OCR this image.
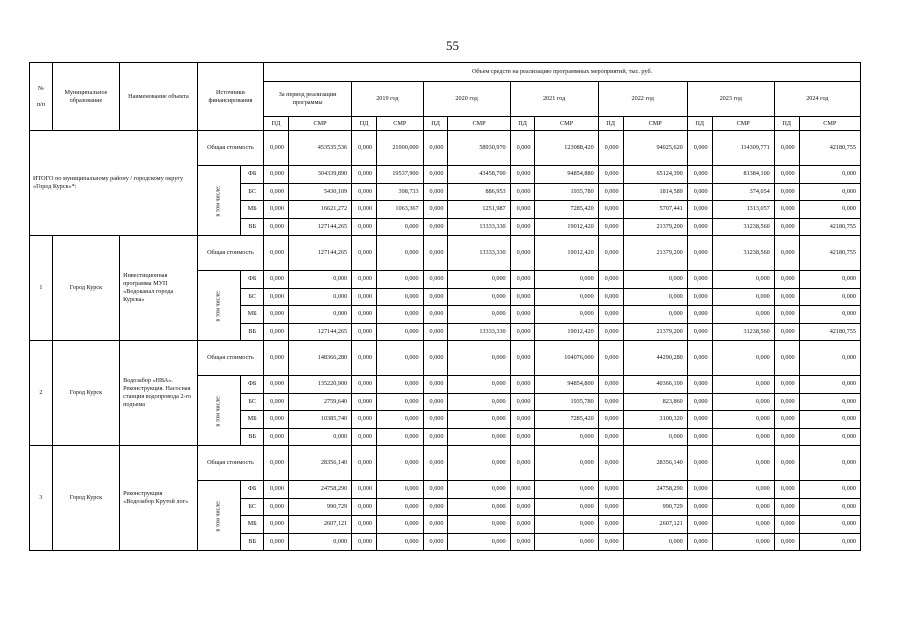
55
№

п/п	Муниципальное образование	Наименование объекта	Источники финансирования		Объем средств на реализацию программных мероприятий, тыс. руб.													
					За период реализации программы		2019 год		2020 год		2021 год		2022 год		2023 год		2024 год	
					ПД	СМР	ПД	СМР	ПД	СМР	ПД	СМР	ПД	СМР	ПД	СМР	ПД	СМР
ИТОГО по муниципальному району / городскому округу «Город Курск»*:			Общая стоимость		0,000	453535,536	0,000	21000,000	0,000	58930,970	0,000	123088,420	0,000	94025,620	0,000	114309,771	0,000	42180,755
			в том числе:	ФБ	0,000	304339,890	0,000	19537,900	0,000	43458,700	0,000	94854,880	0,000	65124,390	0,000	81384,100	0,000	0,000
				БС	0,000	5430,109	0,000	398,733	0,000	886,953	0,000	1935,780	0,000	1814,589	0,000	374,054	0,000	0,000
				МБ	0,000	16621,272	0,000	1063,367	0,000	1251,987	0,000	7285,420	0,000	5707,441	0,000	1313,057	0,000	0,000
				ВБ	0,000	127144,265	0,000	0,000	0,000	13333,330	0,000	19012,420	0,000	21379,200	0,000	31238,560	0,000	42180,755
1	Город Курск	Инвестиционная программа МУП «Водоканал города Курска»	Общая стоимость		0,000	127144,265	0,000	0,000	0,000	13333,330	0,000	19012,420	0,000	21379,200	0,000	31238,560	0,000	42180,755
			в том числе:	ФБ	0,000	0,000	0,000	0,000	0,000	0,000	0,000	0,000	0,000	0,000	0,000	0,000	0,000	0,000
				БС	0,000	0,000	0,000	0,000	0,000	0,000	0,000	0,000	0,000	0,000	0,000	0,000	0,000	0,000
				МБ	0,000	0,000	0,000	0,000	0,000	0,000	0,000	0,000	0,000	0,000	0,000	0,000	0,000	0,000
				ВБ	0,000	127144,265	0,000	0,000	0,000	13333,330	0,000	19012,420	0,000	21379,200	0,000	31238,560	0,000	42180,755
2	Город Курск	Водозабор «НВА». Реконструкция. Насосная станция водопровода 2-го подъема	Общая стоимость		0,000	148366,280	0,000	0,000	0,000	0,000	0,000	104076,000	0,000	44290,280	0,000	0,000	0,000	0,000
			в том числе:	ФБ	0,000	135220,900	0,000	0,000	0,000	0,000	0,000	94854,800	0,000	40366,100	0,000	0,000	0,000	0,000
				БС	0,000	2759,640	0,000	0,000	0,000	0,000	0,000	1935,780	0,000	823,860	0,000	0,000	0,000	0,000
				МБ	0,000	10385,740	0,000	0,000	0,000	0,000	0,000	7285,420	0,000	3100,320	0,000	0,000	0,000	0,000
				ВБ	0,000	0,000	0,000	0,000	0,000	0,000	0,000	0,000	0,000	0,000	0,000	0,000	0,000	0,000
3	Город Курск	Реконструкция «Водозабор Крутой лог»	Общая стоимость		0,000	28356,140	0,000	0,000	0,000	0,000	0,000	0,000	0,000	28356,140	0,000	0,000	0,000	0,000
			в том числе:	ФБ	0,000	24758,290	0,000	0,000	0,000	0,000	0,000	0,000	0,000	24758,290	0,000	0,000	0,000	0,000
				БС	0,000	990,729	0,000	0,000	0,000	0,000	0,000	0,000	0,000	990,729	0,000	0,000	0,000	0,000
				МБ	0,000	2607,121	0,000	0,000	0,000	0,000	0,000	0,000	0,000	2607,121	0,000	0,000	0,000	0,000
				ВБ	0,000	0,000	0,000	0,000	0,000	0,000	0,000	0,000	0,000	0,000	0,000	0,000	0,000	0,000
